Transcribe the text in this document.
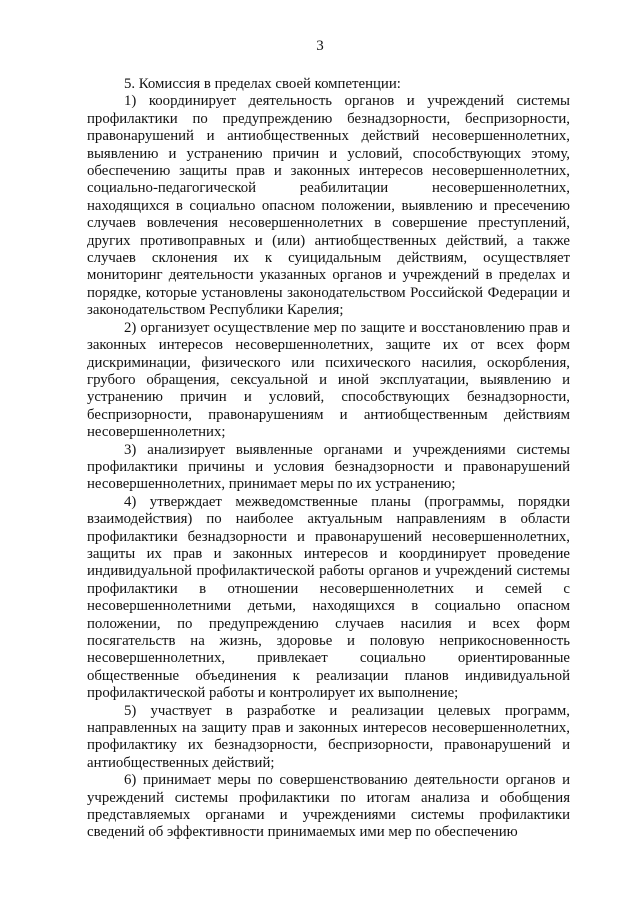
3

5. Комиссия в пределах своей компетенции:

1) координирует деятельность органов и учреждений системы профилактики по предупреждению безнадзорности, беспризорности, правонарушений и антиобщественных действий несовершеннолетних, выявлению и устранению причин и условий, способствующих этому, обеспечению защиты прав и законных интересов несовершеннолетних, социально-педагогической реабилитации несовершеннолетних, находящихся в социально опасном положении, выявлению и пресечению случаев вовлечения несовершеннолетних в совершение преступлений, других противоправных и (или) антиобщественных действий, а также случаев склонения их к суицидальным действиям, осуществляет мониторинг деятельности указанных органов и учреждений в пределах и порядке, которые установлены законодательством Российской Федерации и законодательством Республики Карелия;

2) организует осуществление мер по защите и восстановлению прав и законных интересов несовершеннолетних, защите их от всех форм дискриминации, физического или психического насилия, оскорбления, грубого обращения, сексуальной и иной эксплуатации, выявлению и устранению причин и условий, способствующих безнадзорности, беспризорности, правонарушениям и антиобщественным действиям несовершеннолетних;

3) анализирует выявленные органами и учреждениями системы профилактики причины и условия безнадзорности и правонарушений несовершеннолетних, принимает меры по их устранению;

4) утверждает межведомственные планы (программы, порядки взаимодействия) по наиболее актуальным направлениям в области профилактики безнадзорности и правонарушений несовершеннолетних, защиты их прав и законных интересов и координирует проведение индивидуальной профилактической работы органов и учреждений системы профилактики в отношении несовершеннолетних и семей с несовершеннолетними детьми, находящихся в социально опасном положении, по предупреждению случаев насилия и всех форм посягательств на жизнь, здоровье и половую неприкосновенность несовершеннолетних, привлекает социально ориентированные общественные объединения к реализации планов индивидуальной профилактической работы и контролирует их выполнение;

5) участвует в разработке и реализации целевых программ, направленных на защиту прав и законных интересов несовершеннолетних, профилактику их безнадзорности, беспризорности, правонарушений и антиобщественных действий;

6) принимает меры по совершенствованию деятельности органов и учреждений системы профилактики по итогам анализа и обобщения представляемых органами и учреждениями системы профилактики сведений об эффективности принимаемых ими мер по обеспечению
